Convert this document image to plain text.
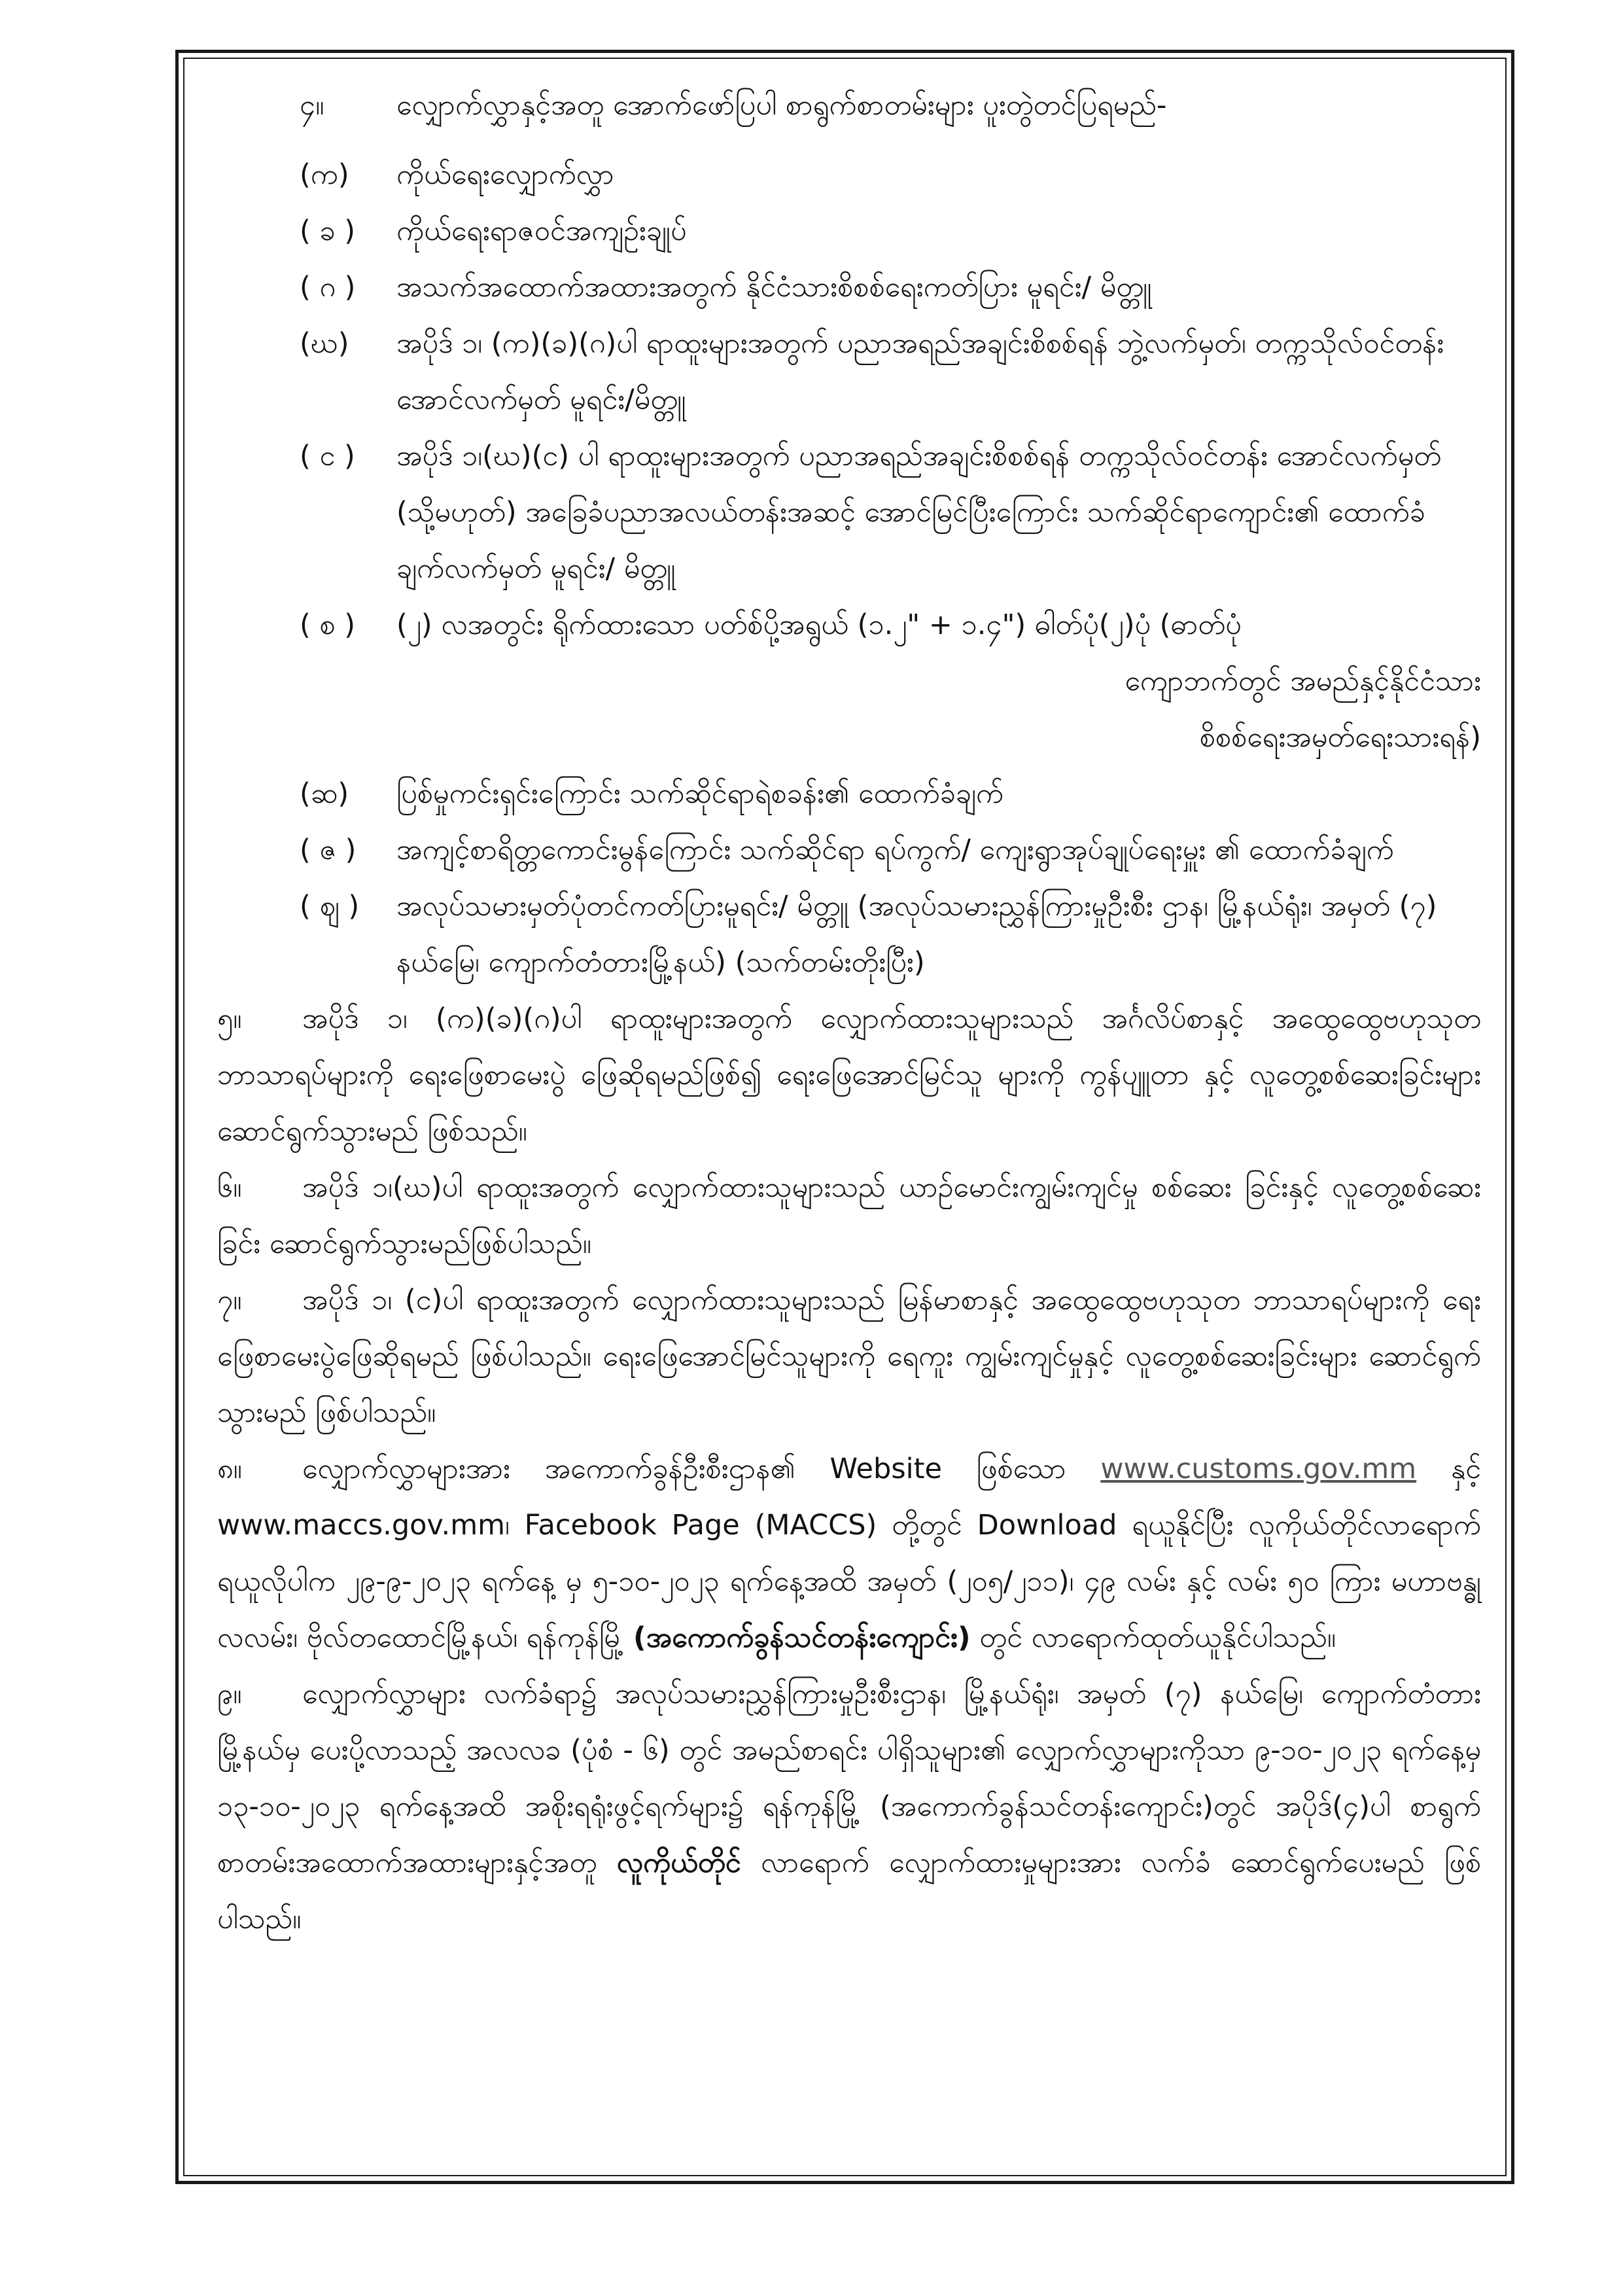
၄။	လျှောက်လွှာနှင့်အတူ အောက်ဖော်ပြပါ စာရွက်စာတမ်းများ ပူးတွဲတင်ပြရမည်-
(က)	ကိုယ်ရေးလျှောက်လွှာ
( ခ )	ကိုယ်ရေးရာဇဝင်အကျဉ်းချုပ်
( ဂ )	အသက်အထောက်အထားအတွက် နိုင်ငံသားစိစစ်ရေးကတ်ပြား မူရင်း/ မိတ္တူ
(ဃ)	အပိုဒ် ၁၊ (က)(ခ)(ဂ)ပါ ရာထူးများအတွက် ပညာအရည်အချင်းစိစစ်ရန် ဘွဲ့လက်မှတ်၊ တက္ကသိုလ်ဝင်တန်း အောင်လက်မှတ် မူရင်း/မိတ္တူ
( င )	အပိုဒ် ၁၊(ဃ)(င) ပါ ရာထူးများအတွက် ပညာအရည်အချင်းစိစစ်ရန် တက္ကသိုလ်ဝင်တန်း အောင်လက်မှတ် (သို့မဟုတ်) အခြေခံပညာအလယ်တန်းအဆင့် အောင်မြင်ပြီးကြောင်း သက်ဆိုင်ရာကျောင်း၏ ထောက်ခံချက်လက်မှတ် မူရင်း/ မိတ္တူ
( စ )	(၂) လအတွင်း ရိုက်ထားသော ပတ်စ်ပို့အရွယ် (၁.၂" + ၁.၄") ဓါတ်ပုံ(၂)ပုံ (ဓာတ်ပုံ

ကျောဘက်တွင် အမည်နှင့်နိုင်ငံသား
စိစစ်ရေးအမှတ်ရေးသားရန်)
(ဆ)	ပြစ်မှုကင်းရှင်းကြောင်း သက်ဆိုင်ရာရဲစခန်း၏ ထောက်ခံချက်
( ဇ )	အကျင့်စာရိတ္တကောင်းမွန်ကြောင်း သက်ဆိုင်ရာ ရပ်ကွက်/ ကျေးရွာအုပ်ချုပ်ရေးမှူး ၏ ထောက်ခံချက်
( ဈ )	အလုပ်သမားမှတ်ပုံတင်ကတ်ပြားမူရင်း/ မိတ္တူ (အလုပ်သမားညွှန်ကြားမှုဦးစီး ဌာန၊ မြို့နယ်ရုံး၊ အမှတ် (၇) နယ်မြေ၊ ကျောက်တံတားမြို့နယ်) (သက်တမ်းတိုးပြီး)
၅။ အပိုဒ် ၁၊ (က)(ခ)(ဂ)ပါ ရာထူးများအတွက် လျှောက်ထားသူများသည် အင်္ဂလိပ်စာနှင့် အထွေထွေဗဟုသုတ ဘာသာရပ်များကို ရေးဖြေစာမေးပွဲ ဖြေဆိုရမည်ဖြစ်၍ ရေးဖြေအောင်မြင်သူ များကို ကွန်ပျူတာ နှင့် လူတွေ့စစ်ဆေးခြင်းများ ဆောင်ရွက်သွားမည် ဖြစ်သည်။
၆။ အပိုဒ် ၁၊(ဃ)ပါ ရာထူးအတွက် လျှောက်ထားသူများသည် ယာဉ်မောင်းကျွမ်းကျင်မှု စစ်ဆေး ခြင်းနှင့် လူတွေ့စစ်ဆေးခြင်း ဆောင်ရွက်သွားမည်ဖြစ်ပါသည်။
၇။ အပိုဒ် ၁၊ (င)ပါ ရာထူးအတွက် လျှောက်ထားသူများသည် မြန်မာစာနှင့် အထွေထွေဗဟုသုတ ဘာသာရပ်များကို ရေးဖြေစာမေးပွဲဖြေဆိုရမည် ဖြစ်ပါသည်။ ရေးဖြေအောင်မြင်သူများကို ရေကူး ကျွမ်းကျင်မှုနှင့် လူတွေ့စစ်ဆေးခြင်းများ ဆောင်ရွက်သွားမည် ဖြစ်ပါသည်။
၈။ လျှောက်လွှာများအား အကောက်ခွန်ဦးစီးဌာန၏ Website ဖြစ်သော www.customs.gov.mm နှင့် www.maccs.gov.mm၊ Facebook Page (MACCS) တို့တွင် Download ရယူနိုင်ပြီး လူကိုယ်တိုင်လာရောက် ရယူလိုပါက ၂၉-၉-၂၀၂၃ ရက်နေ့ မှ ၅-၁၀-၂၀၂၃ ရက်နေ့အထိ အမှတ် (၂၀၅/၂၁၁)၊ ၄၉ လမ်း နှင့် လမ်း ၅၀ ကြား မဟာဗန္ဓုလလမ်း၊ ဗိုလ်တထောင်မြို့နယ်၊ ရန်ကုန်မြို့ (အကောက်ခွန်သင်တန်းကျောင်း) တွင် လာရောက်ထုတ်ယူနိုင်ပါသည်။
၉။ လျှောက်လွှာများ လက်ခံရာ၌ အလုပ်သမားညွှန်ကြားမှုဦးစီးဌာန၊ မြို့နယ်ရုံး၊ အမှတ် (၇) နယ်မြေ၊ ကျောက်တံတားမြို့နယ်မှ ပေးပို့လာသည့် အလလခ (ပုံစံ - ၆) တွင် အမည်စာရင်း ပါရှိသူများ၏ လျှောက်လွှာများကိုသာ ၉-၁၀-၂၀၂၃ ရက်နေ့မှ ၁၃-၁၀-၂၀၂၃ ရက်နေ့အထိ အစိုးရရုံးဖွင့်ရက်များ၌ ရန်ကုန်မြို့ (အကောက်ခွန်သင်တန်းကျောင်း)တွင် အပိုဒ်(၄)ပါ စာရွက် စာတမ်းအထောက်အထားများနှင့်အတူ လူကိုယ်တိုင် လာရောက် လျှောက်ထားမှုများအား လက်ခံ ဆောင်ရွက်ပေးမည် ဖြစ်ပါသည်။
